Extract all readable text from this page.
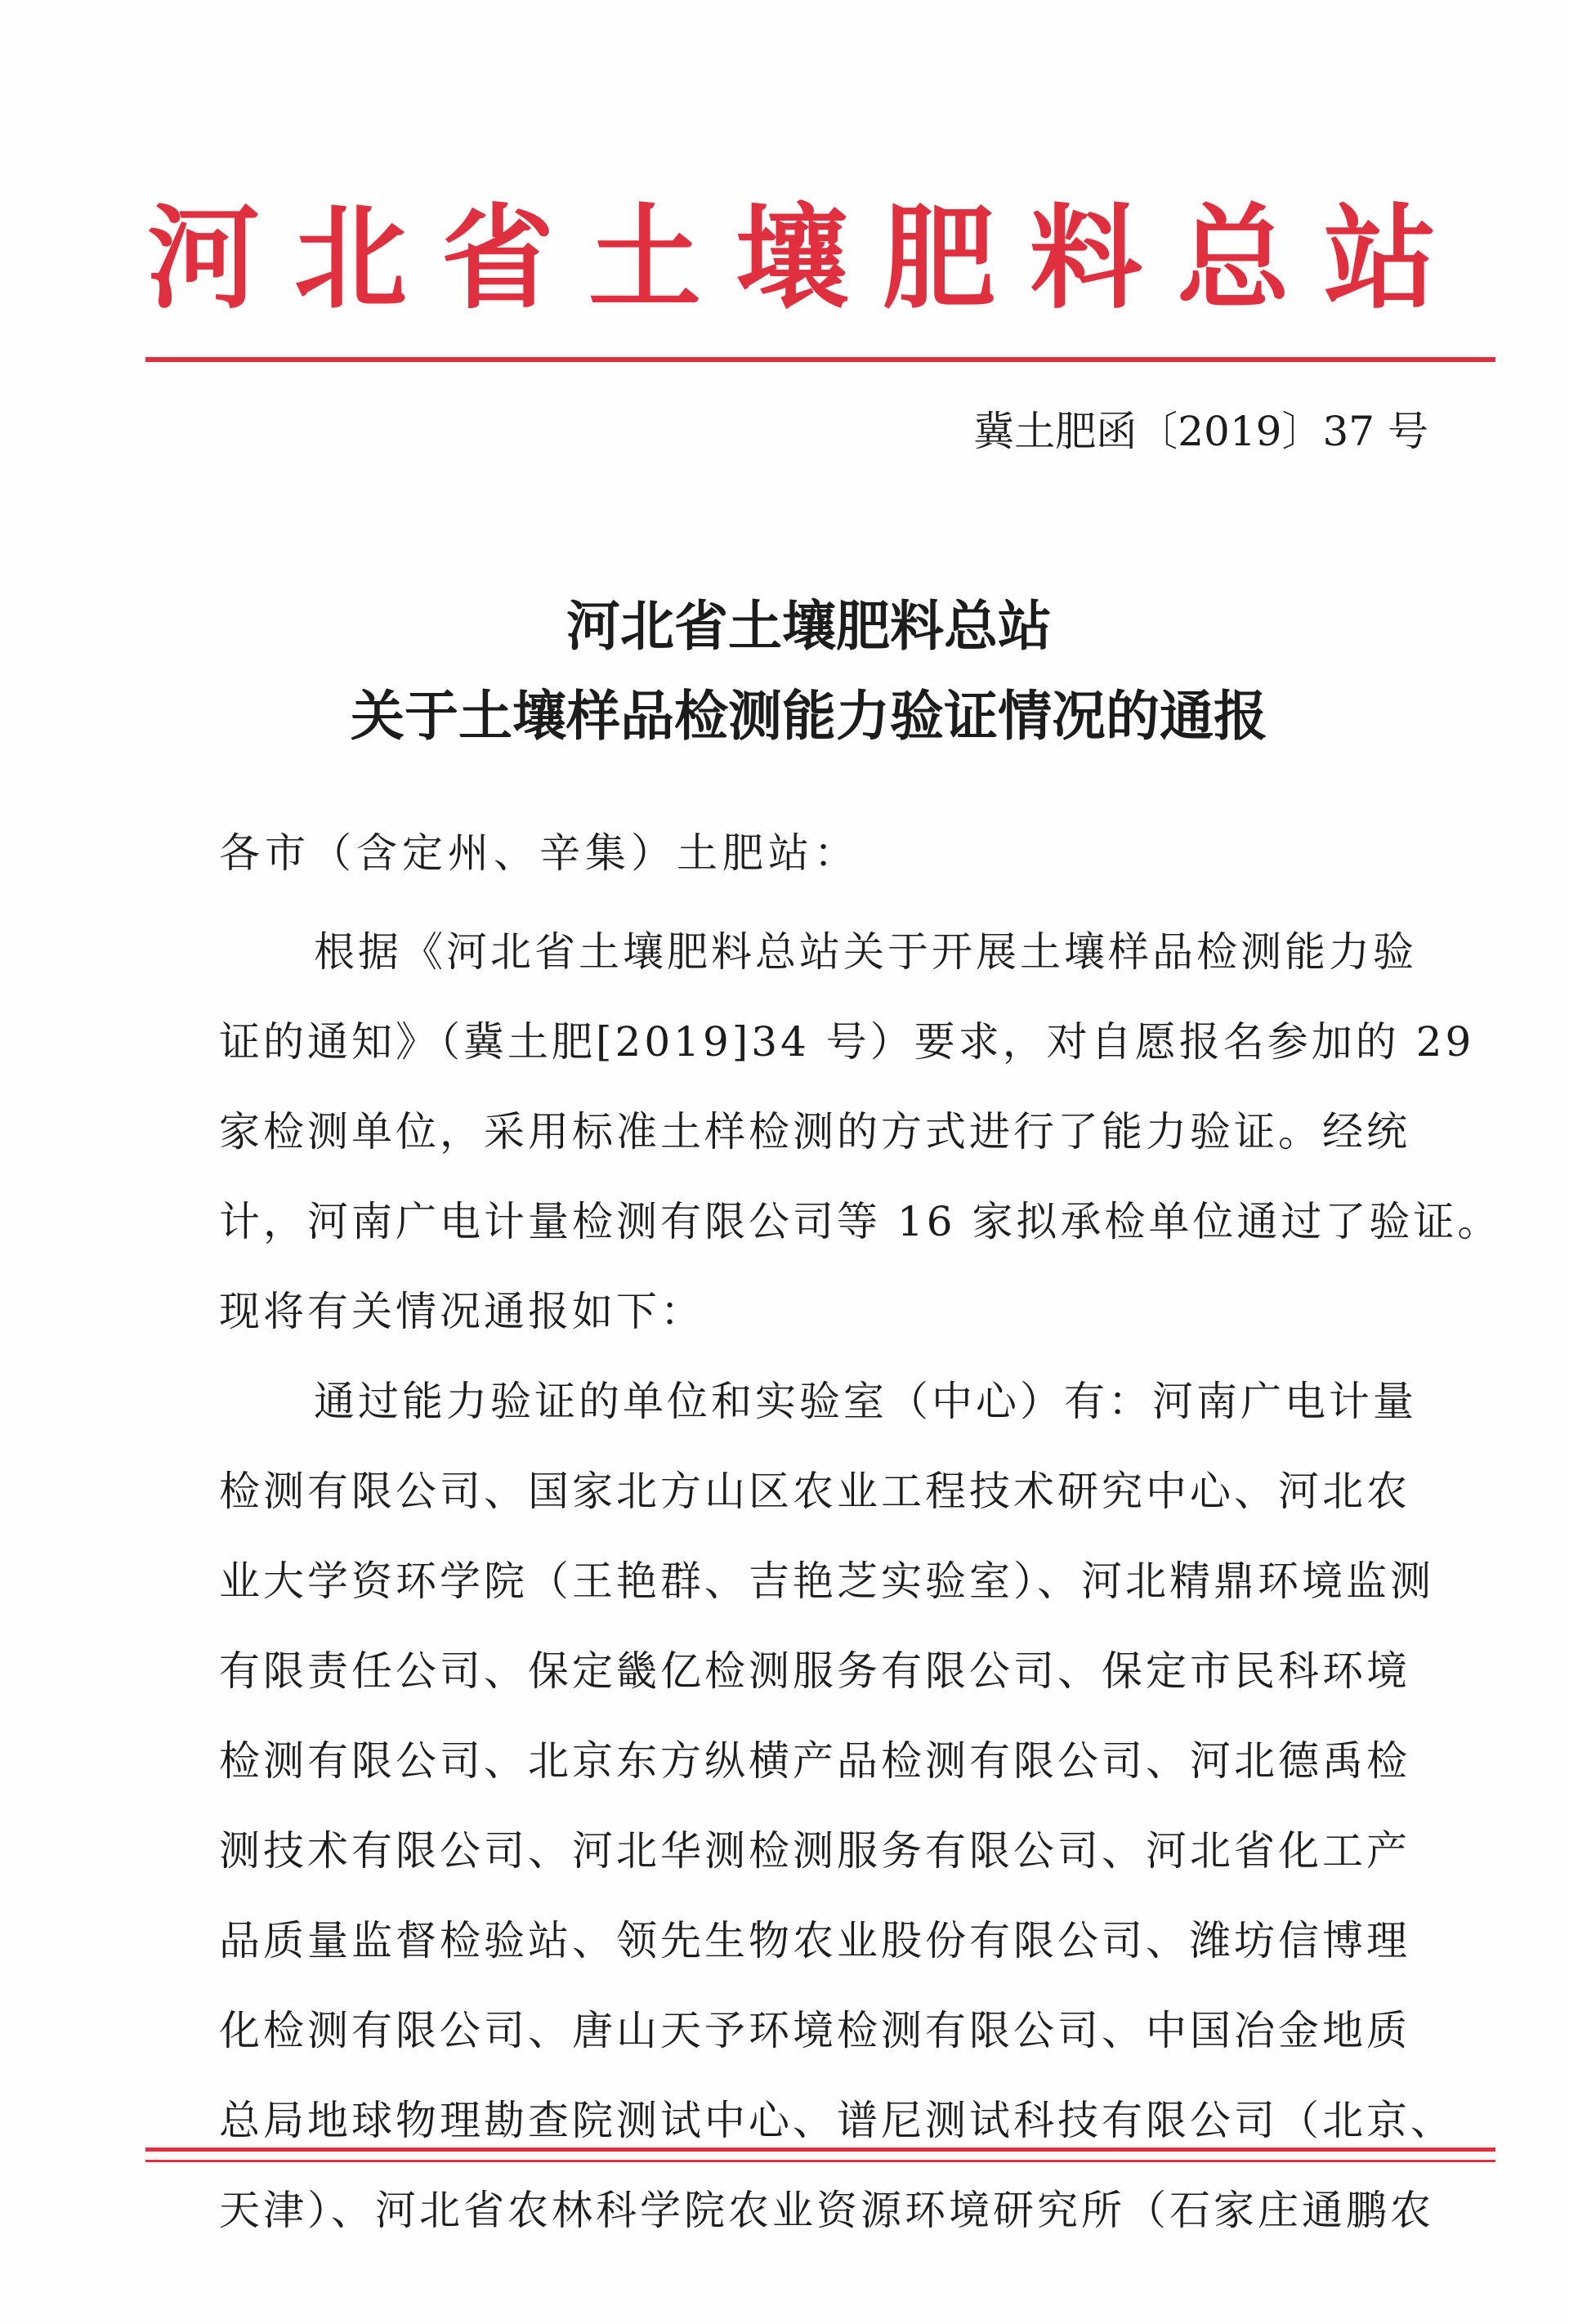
河北省土壤肥料总站
冀土肥函〔2019〕37 号
河北省土壤肥料总站
关于土壤样品检测能力验证情况的通报
各市（含定州、辛集）土肥站：
根据《河北省土壤肥料总站关于开展土壤样品检测能力验
证的通知》（冀土肥[2019]34 号）要求，对自愿报名参加的 29
家检测单位，采用标准土样检测的方式进行了能力验证。经统
计，河南广电计量检测有限公司等 16 家拟承检单位通过了验证。
现将有关情况通报如下：
通过能力验证的单位和实验室（中心）有：河南广电计量
检测有限公司、国家北方山区农业工程技术研究中心、河北农
业大学资环学院（王艳群、吉艳芝实验室）、河北精鼎环境监测
有限责任公司、保定畿亿检测服务有限公司、保定市民科环境
检测有限公司、北京东方纵横产品检测有限公司、河北德禹检
测技术有限公司、河北华测检测服务有限公司、河北省化工产
品质量监督检验站、领先生物农业股份有限公司、潍坊信博理
化检测有限公司、唐山天予环境检测有限公司、中国冶金地质
总局地球物理勘查院测试中心、谱尼测试科技有限公司（北京、
天津）、河北省农林科学院农业资源环境研究所（石家庄通鹏农
